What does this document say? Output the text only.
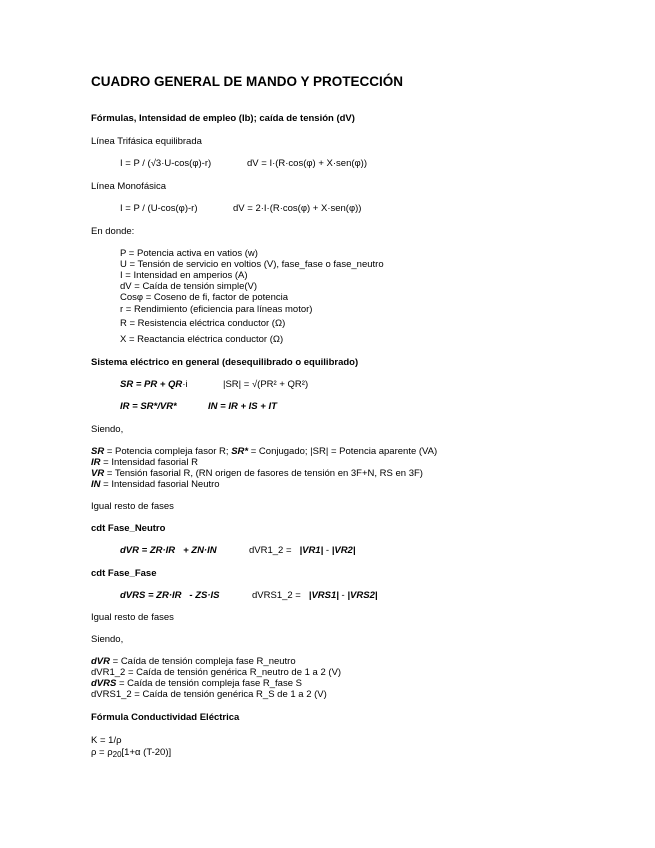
CUADRO GENERAL DE MANDO Y PROTECCIÓN
Fórmulas, Intensidad de empleo (Ib); caída de tensión (dV)
Línea Trifásica equilibrada
I = P / (√3·U-cos(φ)-r)	dV = I·(R·cos(φ) + X·sen(φ))
Línea Monofásica
I = P / (U-cos(φ)-r)	dV = 2·I·(R·cos(φ) + X·sen(φ))
En donde:
P = Potencia activa en vatios (w)
U = Tensión de servicio en voltios (V), fase_fase o fase_neutro
I = Intensidad en amperios (A)
dV = Caída de tensión simple(V)
Cosφ = Coseno de fi, factor de potencia
r = Rendimiento (eficiencia para líneas motor)
R = Resistencia eléctrica conductor (Ω)
X = Reactancia eléctrica conductor (Ω)
Sistema eléctrico en general (desequilibrado o equilibrado)
SR = PR + QR·i	|SR| = √(PR² + QR²)
IR = SR*/VR*	IN = IR + IS + IT
Siendo,
SR = Potencia compleja fasor R; SR* = Conjugado; |SR| = Potencia aparente (VA)
IR = Intensidad fasorial R
VR = Tensión fasorial R, (RN origen de fasores de tensión en 3F+N, RS en 3F)
IN = Intensidad fasorial Neutro
Igual resto de fases
cdt Fase_Neutro
dVR = ZR·IR + ZN·IN	dVR1_2 = |VR1| - |VR2|
cdt Fase_Fase
dVRS = ZR·IR - ZS·IS	dVRS1_2 = |VRS1| - |VRS2|
Igual resto de fases
Siendo,
dVR = Caída de tensión compleja fase R_neutro
dVR1_2 = Caída de tensión genérica R_neutro de 1 a 2 (V)
dVRS = Caída de tensión compleja fase R_fase S
dVRS1_2 = Caída de tensión genérica R_S de 1 a 2 (V)
Fórmula Conductividad Eléctrica
K = 1/ρ
$\rho = \rho_{20}[1+\alpha$ (T-20)]
